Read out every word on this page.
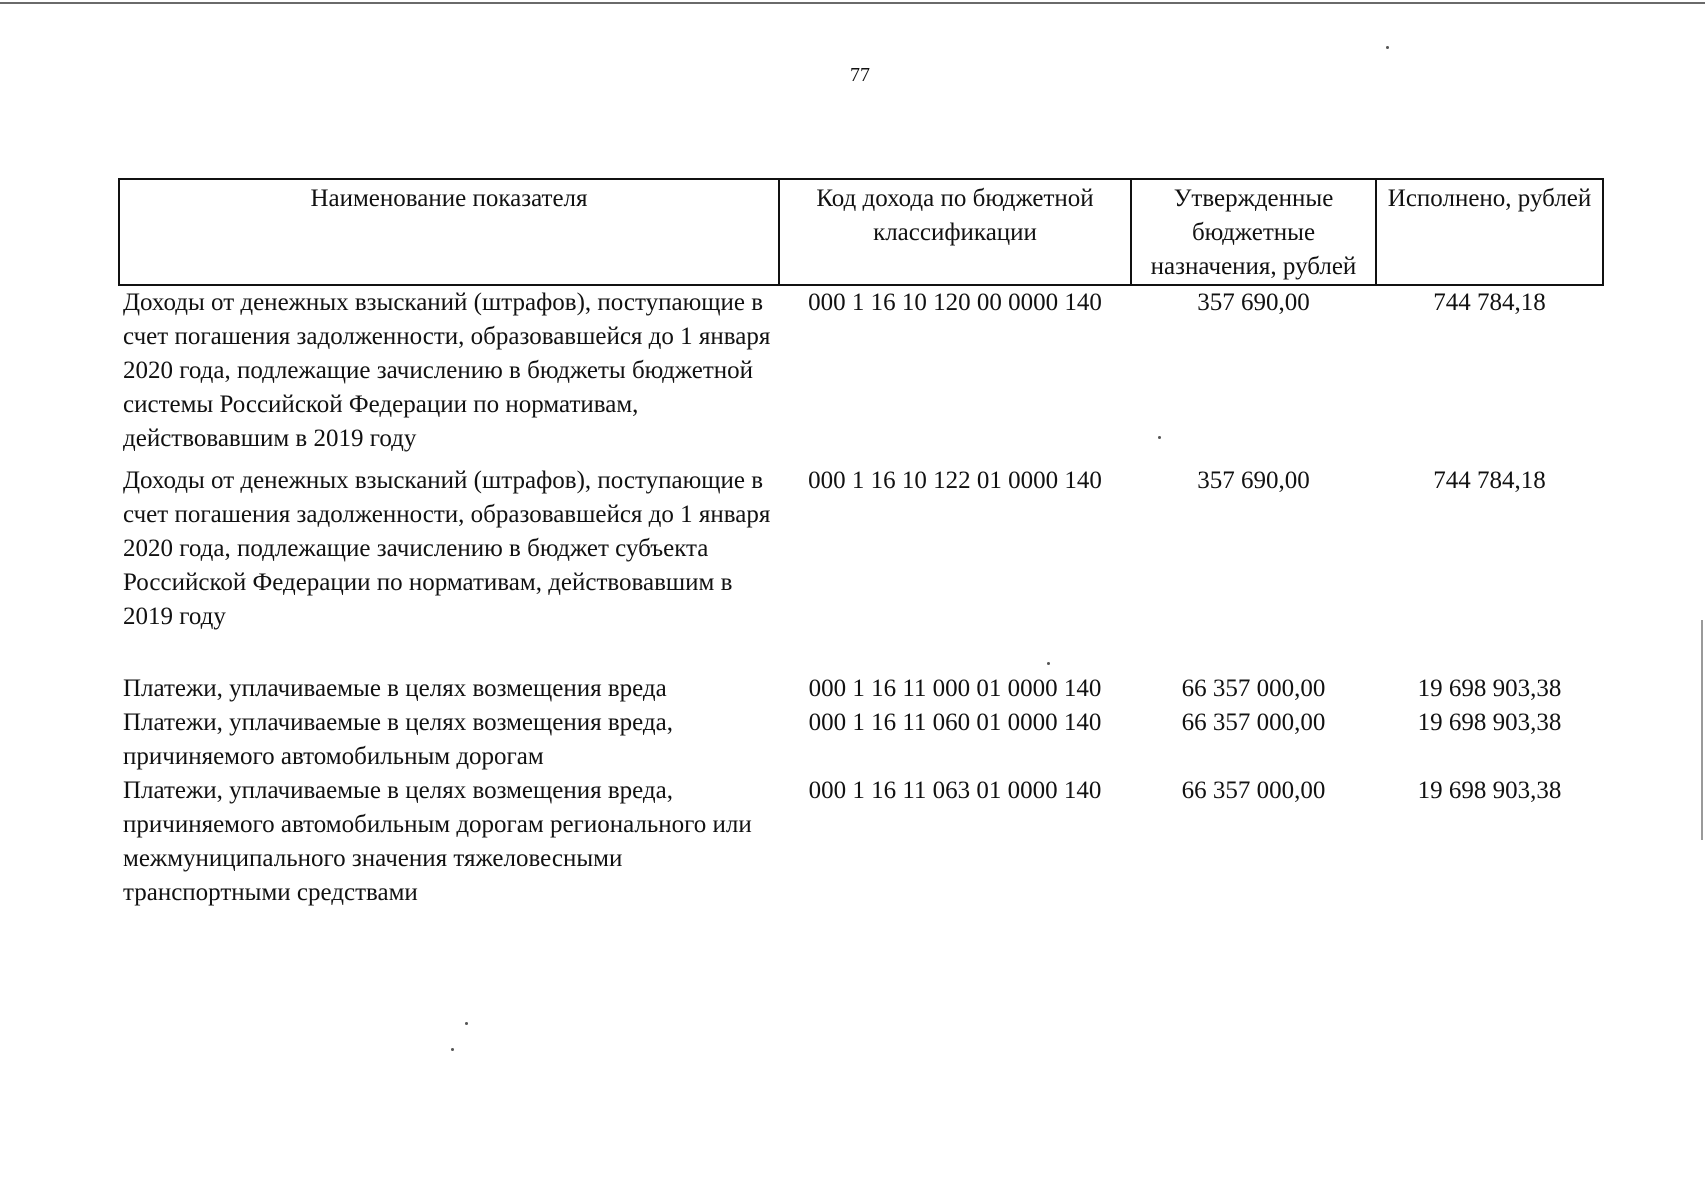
77
Наименование показателя	Код дохода по бюджетной классификации	Утвержденные бюджетные назначения, рублей	Исполнено, рублей
Доходы от денежных взысканий (штрафов), поступающие в счет погашения задолженности, образовавшейся до 1 января 2020 года, подлежащие зачислению в бюджеты бюджетной системы Российской Федерации по нормативам, действовавшим в 2019 году	000 1 16 10 120 00 0000 140	357 690,00	744 784,18
Доходы от денежных взысканий (штрафов), поступающие в счет погашения задолженности, образовавшейся до 1 января 2020 года, подлежащие зачислению в бюджет субъекта Российской Федерации по нормативам, действовавшим в 2019 году	000 1 16 10 122 01 0000 140	357 690,00	744 784,18
Платежи, уплачиваемые в целях возмещения вреда	000 1 16 11 000 01 0000 140	66 357 000,00	19 698 903,38
Платежи, уплачиваемые в целях возмещения вреда, причиняемого автомобильным дорогам	000 1 16 11 060 01 0000 140	66 357 000,00	19 698 903,38
Платежи, уплачиваемые в целях возмещения вреда, причиняемого автомобильным дорогам регионального или межмуниципального значения тяжеловесными транспортными средствами	000 1 16 11 063 01 0000 140	66 357 000,00	19 698 903,38
